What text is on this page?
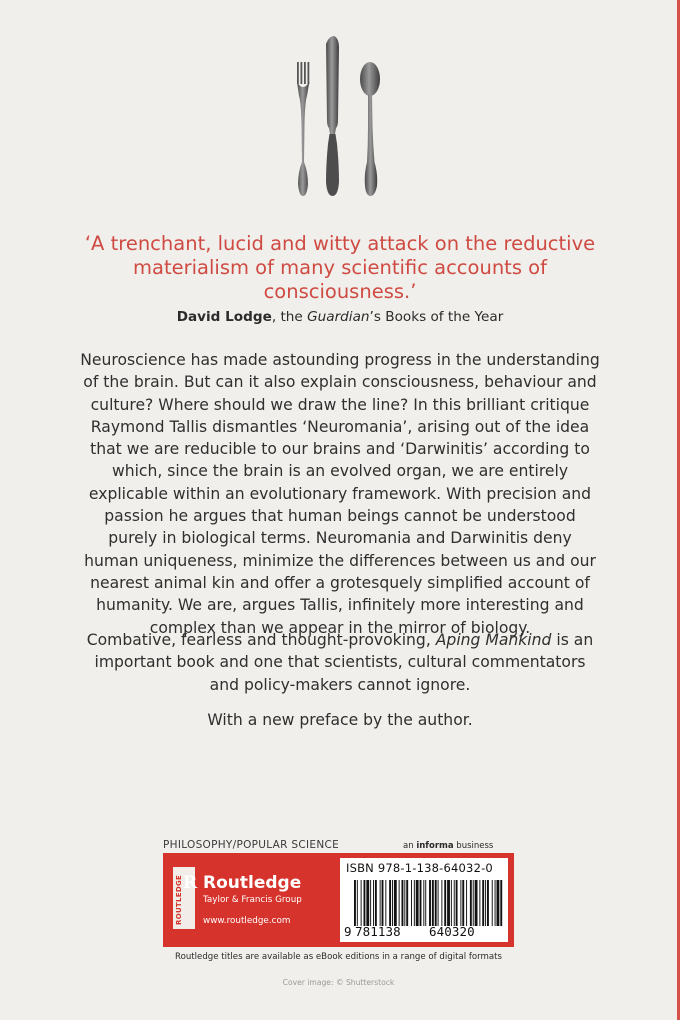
‘A trenchant, lucid and witty attack on the reductive materialism of many scientific accounts of consciousness.’

David Lodge, the Guardian’s Books of the Year

Neuroscience has made astounding progress in the understanding of the brain. But can it also explain consciousness, behaviour and culture? Where should we draw the line? In this brilliant critique Raymond Tallis dismantles ‘Neuromania’, arising out of the idea that we are reducible to our brains and ‘Darwinitis’ according to which, since the brain is an evolved organ, we are entirely explicable within an evolutionary framework. With precision and passion he argues that human beings cannot be understood purely in biological terms. Neuromania and Darwinitis deny human uniqueness, minimize the differences between us and our nearest animal kin and offer a grotesquely simplified account of humanity. We are, argues Tallis, infinitely more interesting and complex than we appear in the mirror of biology.

Combative, fearless and thought-provoking, Aping Mankind is an important book and one that scientists, cultural commentators and policy-makers cannot ignore.

With a new preface by the author.

PHILOSOPHY/POPULAR SCIENCE	an informa business
ROUTLEDGE R Routledge
Taylor & Francis Group
www.routledge.com
ISBN 978-1-138-64032-0
9 781138 640320
Routledge titles are available as eBook editions in a range of digital formats
Cover image: © Shutterstock
